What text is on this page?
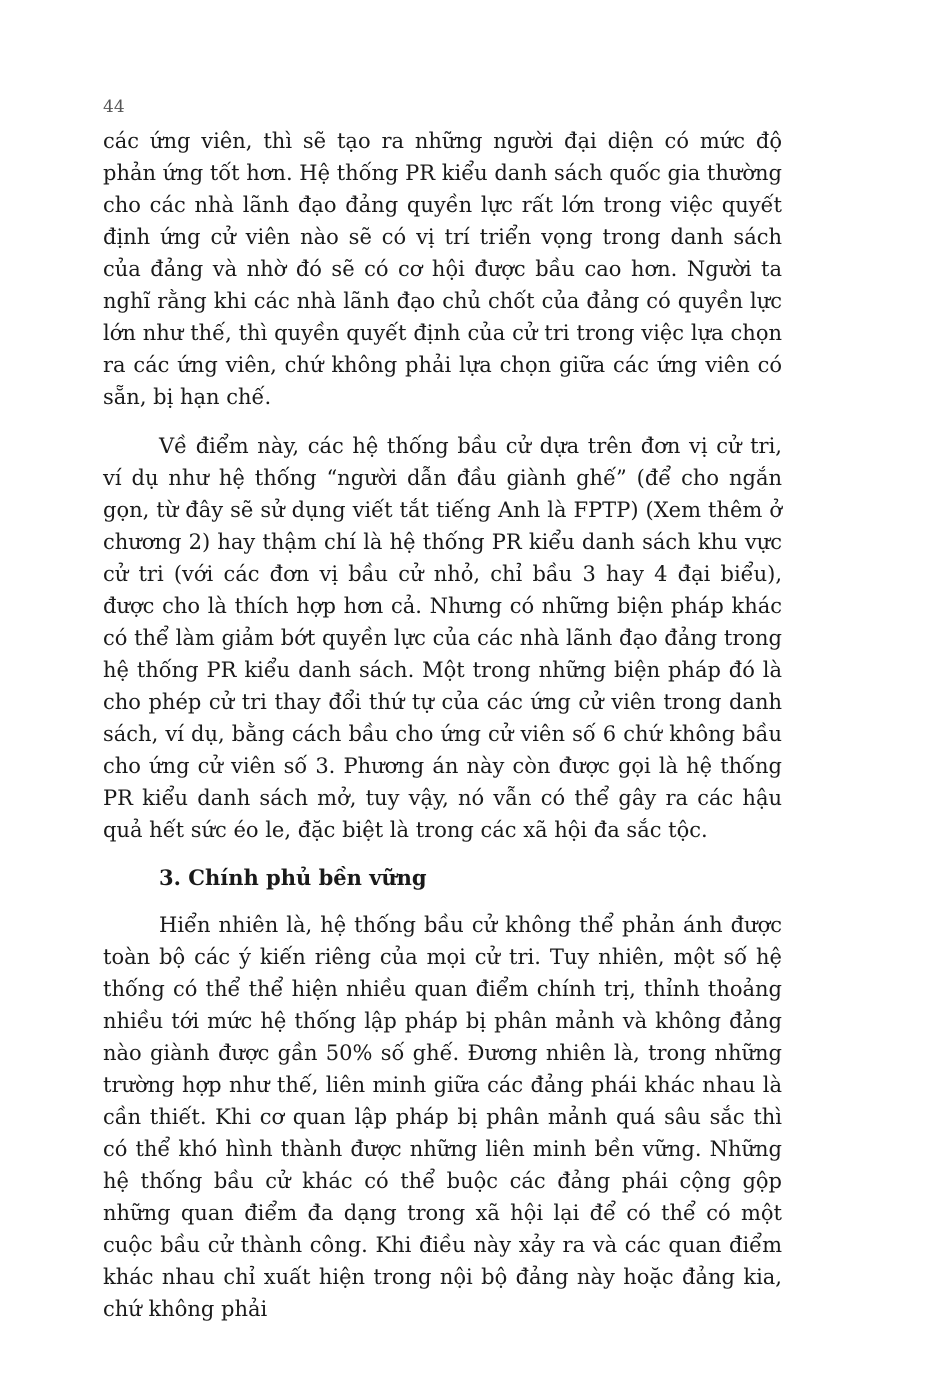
44

các ứng viên, thì sẽ tạo ra những người đại diện có mức độ phản ứng tốt hơn. Hệ thống PR kiểu danh sách quốc gia thường cho các nhà lãnh đạo đảng quyền lực rất lớn trong việc quyết định ứng cử viên nào sẽ có vị trí triển vọng trong danh sách của đảng và nhờ đó sẽ có cơ hội được bầu cao hơn. Người ta nghĩ rằng khi các nhà lãnh đạo chủ chốt của đảng có quyền lực lớn như thế, thì quyền quyết định của cử tri trong việc lựa chọn ra các ứng viên, chứ không phải lựa chọn giữa các ứng viên có sẵn, bị hạn chế.

Về điểm này, các hệ thống bầu cử dựa trên đơn vị cử tri, ví dụ như hệ thống “người dẫn đầu giành ghế” (để cho ngắn gọn, từ đây sẽ sử dụng viết tắt tiếng Anh là FPTP) (Xem thêm ở chương 2) hay thậm chí là hệ thống PR kiểu danh sách khu vực cử tri (với các đơn vị bầu cử nhỏ, chỉ bầu 3 hay 4 đại biểu), được cho là thích hợp hơn cả. Nhưng có những biện pháp khác có thể làm giảm bớt quyền lực của các nhà lãnh đạo đảng trong hệ thống PR kiểu danh sách. Một trong những biện pháp đó là cho phép cử tri thay đổi thứ tự của các ứng cử viên trong danh sách, ví dụ, bằng cách bầu cho ứng cử viên số 6 chứ không bầu cho ứng cử viên số 3. Phương án này còn được gọi là hệ thống PR kiểu danh sách mở, tuy vậy, nó vẫn có thể gây ra các hậu quả hết sức éo le, đặc biệt là trong các xã hội đa sắc tộc.

3. Chính phủ bền vững

Hiển nhiên là, hệ thống bầu cử không thể phản ánh được toàn bộ các ý kiến riêng của mọi cử tri. Tuy nhiên, một số hệ thống có thể thể hiện nhiều quan điểm chính trị, thỉnh thoảng nhiều tới mức hệ thống lập pháp bị phân mảnh và không đảng nào giành được gần 50% số ghế. Đương nhiên là, trong những trường hợp như thế, liên minh giữa các đảng phái khác nhau là cần thiết. Khi cơ quan lập pháp bị phân mảnh quá sâu sắc thì có thể khó hình thành được những liên minh bền vững. Những hệ thống bầu cử khác có thể buộc các đảng phái cộng gộp những quan điểm đa dạng trong xã hội lại để có thể có một cuộc bầu cử thành công. Khi điều này xảy ra và các quan điểm khác nhau chỉ xuất hiện trong nội bộ đảng này hoặc đảng kia, chứ không phải
